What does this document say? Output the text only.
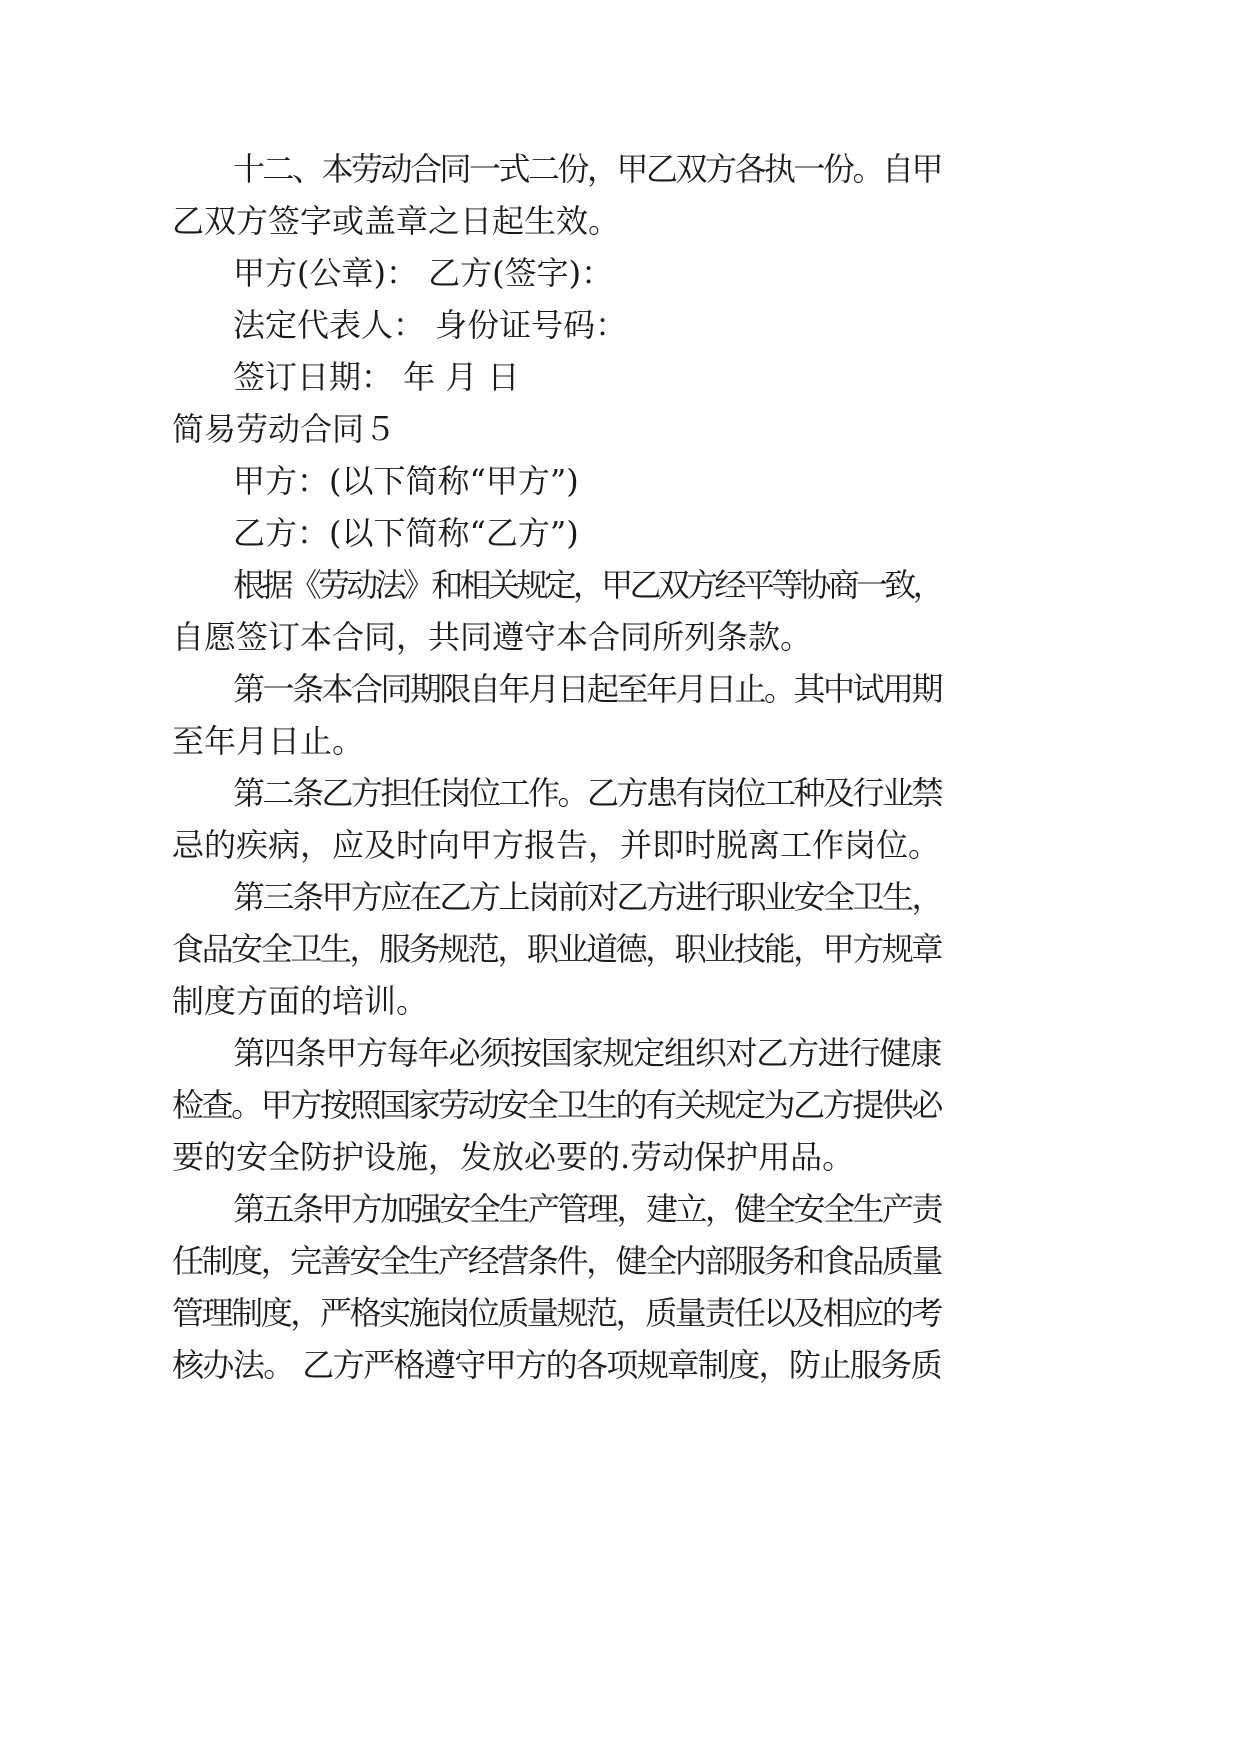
十二、本劳动合同一式二份，甲乙双方各执一份。自甲
乙双方签字或盖章之日起生效。
甲方(公章)： 乙方(签字)：
法定代表人： 身份证号码：
签订日期： 年 月 日
简易劳动合同５
甲方：(以下简称“甲方”)
乙方：(以下简称“乙方”)
根据《劳动法》和相关规定，甲乙双方经平等协商一致，
自愿签订本合同，共同遵守本合同所列条款。
第一条本合同期限自年月日起至年月日止。其中试用期
至年月日止。
第二条乙方担任岗位工作。乙方患有岗位工种及行业禁
忌的疾病，应及时向甲方报告，并即时脱离工作岗位。
第三条甲方应在乙方上岗前对乙方进行职业安全卫生，
食品安全卫生，服务规范，职业道德，职业技能，甲方规章
制度方面的培训。
第四条甲方每年必须按国家规定组织对乙方进行健康
检查。甲方按照国家劳动安全卫生的有关规定为乙方提供必
要的安全防护设施，发放必要的.劳动保护用品。
第五条甲方加强安全生产管理，建立，健全安全生产责
任制度，完善安全生产经营条件，健全内部服务和食品质量
管理制度，严格实施岗位质量规范，质量责任以及相应的考
核办法。 乙方严格遵守甲方的各项规章制度，防止服务质
